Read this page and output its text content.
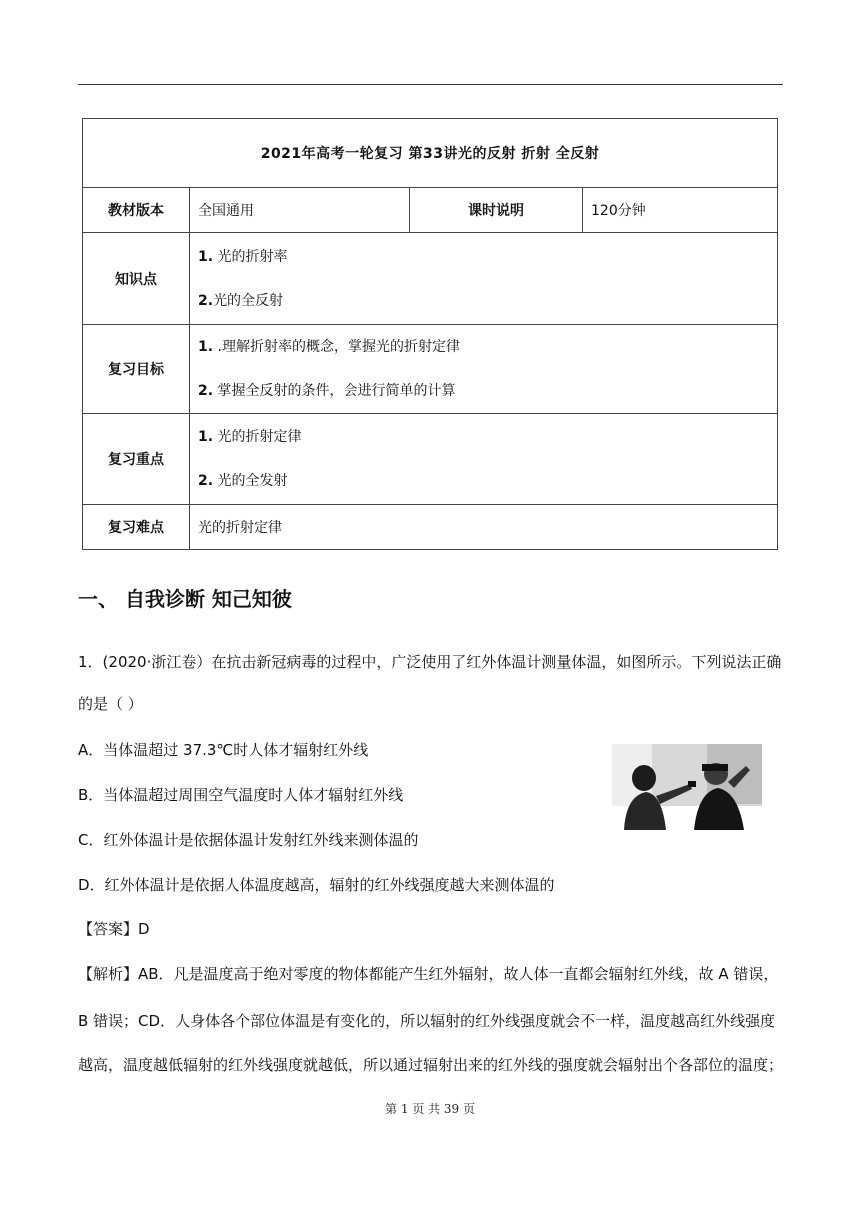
2021年高考一轮复习 第33讲光的反射 折射 全反射			
教材版本	全国通用	课时说明	120分钟
知识点	1. 光的折射率

2.光的全反射		

复习目标	1. .理解折射率的概念，掌握光的折射定律

2. 掌握全反射的条件，会进行简单的计算		

复习重点	1. 光的折射定律

2. 光的全发射		

复习难点	光的折射定律		
一、 自我诊断 知己知彼
1．(2020·浙江卷）在抗击新冠病毒的过程中，广泛使用了红外体温计测量体温，如图所示。下列说法正确
的是（ ）
A．当体温超过 37.3℃时人体才辐射红外线
B．当体温超过周围空气温度时人体才辐射红外线
C．红外体温计是依据体温计发射红外线来测体温的
D．红外体温计是依据人体温度越高，辐射的红外线强度越大来测体温的
【答案】D
【解析】AB．凡是温度高于绝对零度的物体都能产生红外辐射，故人体一直都会辐射红外线，故 A 错误，
B 错误；CD．人身体各个部位体温是有变化的，所以辐射的红外线强度就会不一样，温度越高红外线强度
越高，温度越低辐射的红外线强度就越低，所以通过辐射出来的红外线的强度就会辐射出个各部位的温度；
第 1 页 共 39 页
